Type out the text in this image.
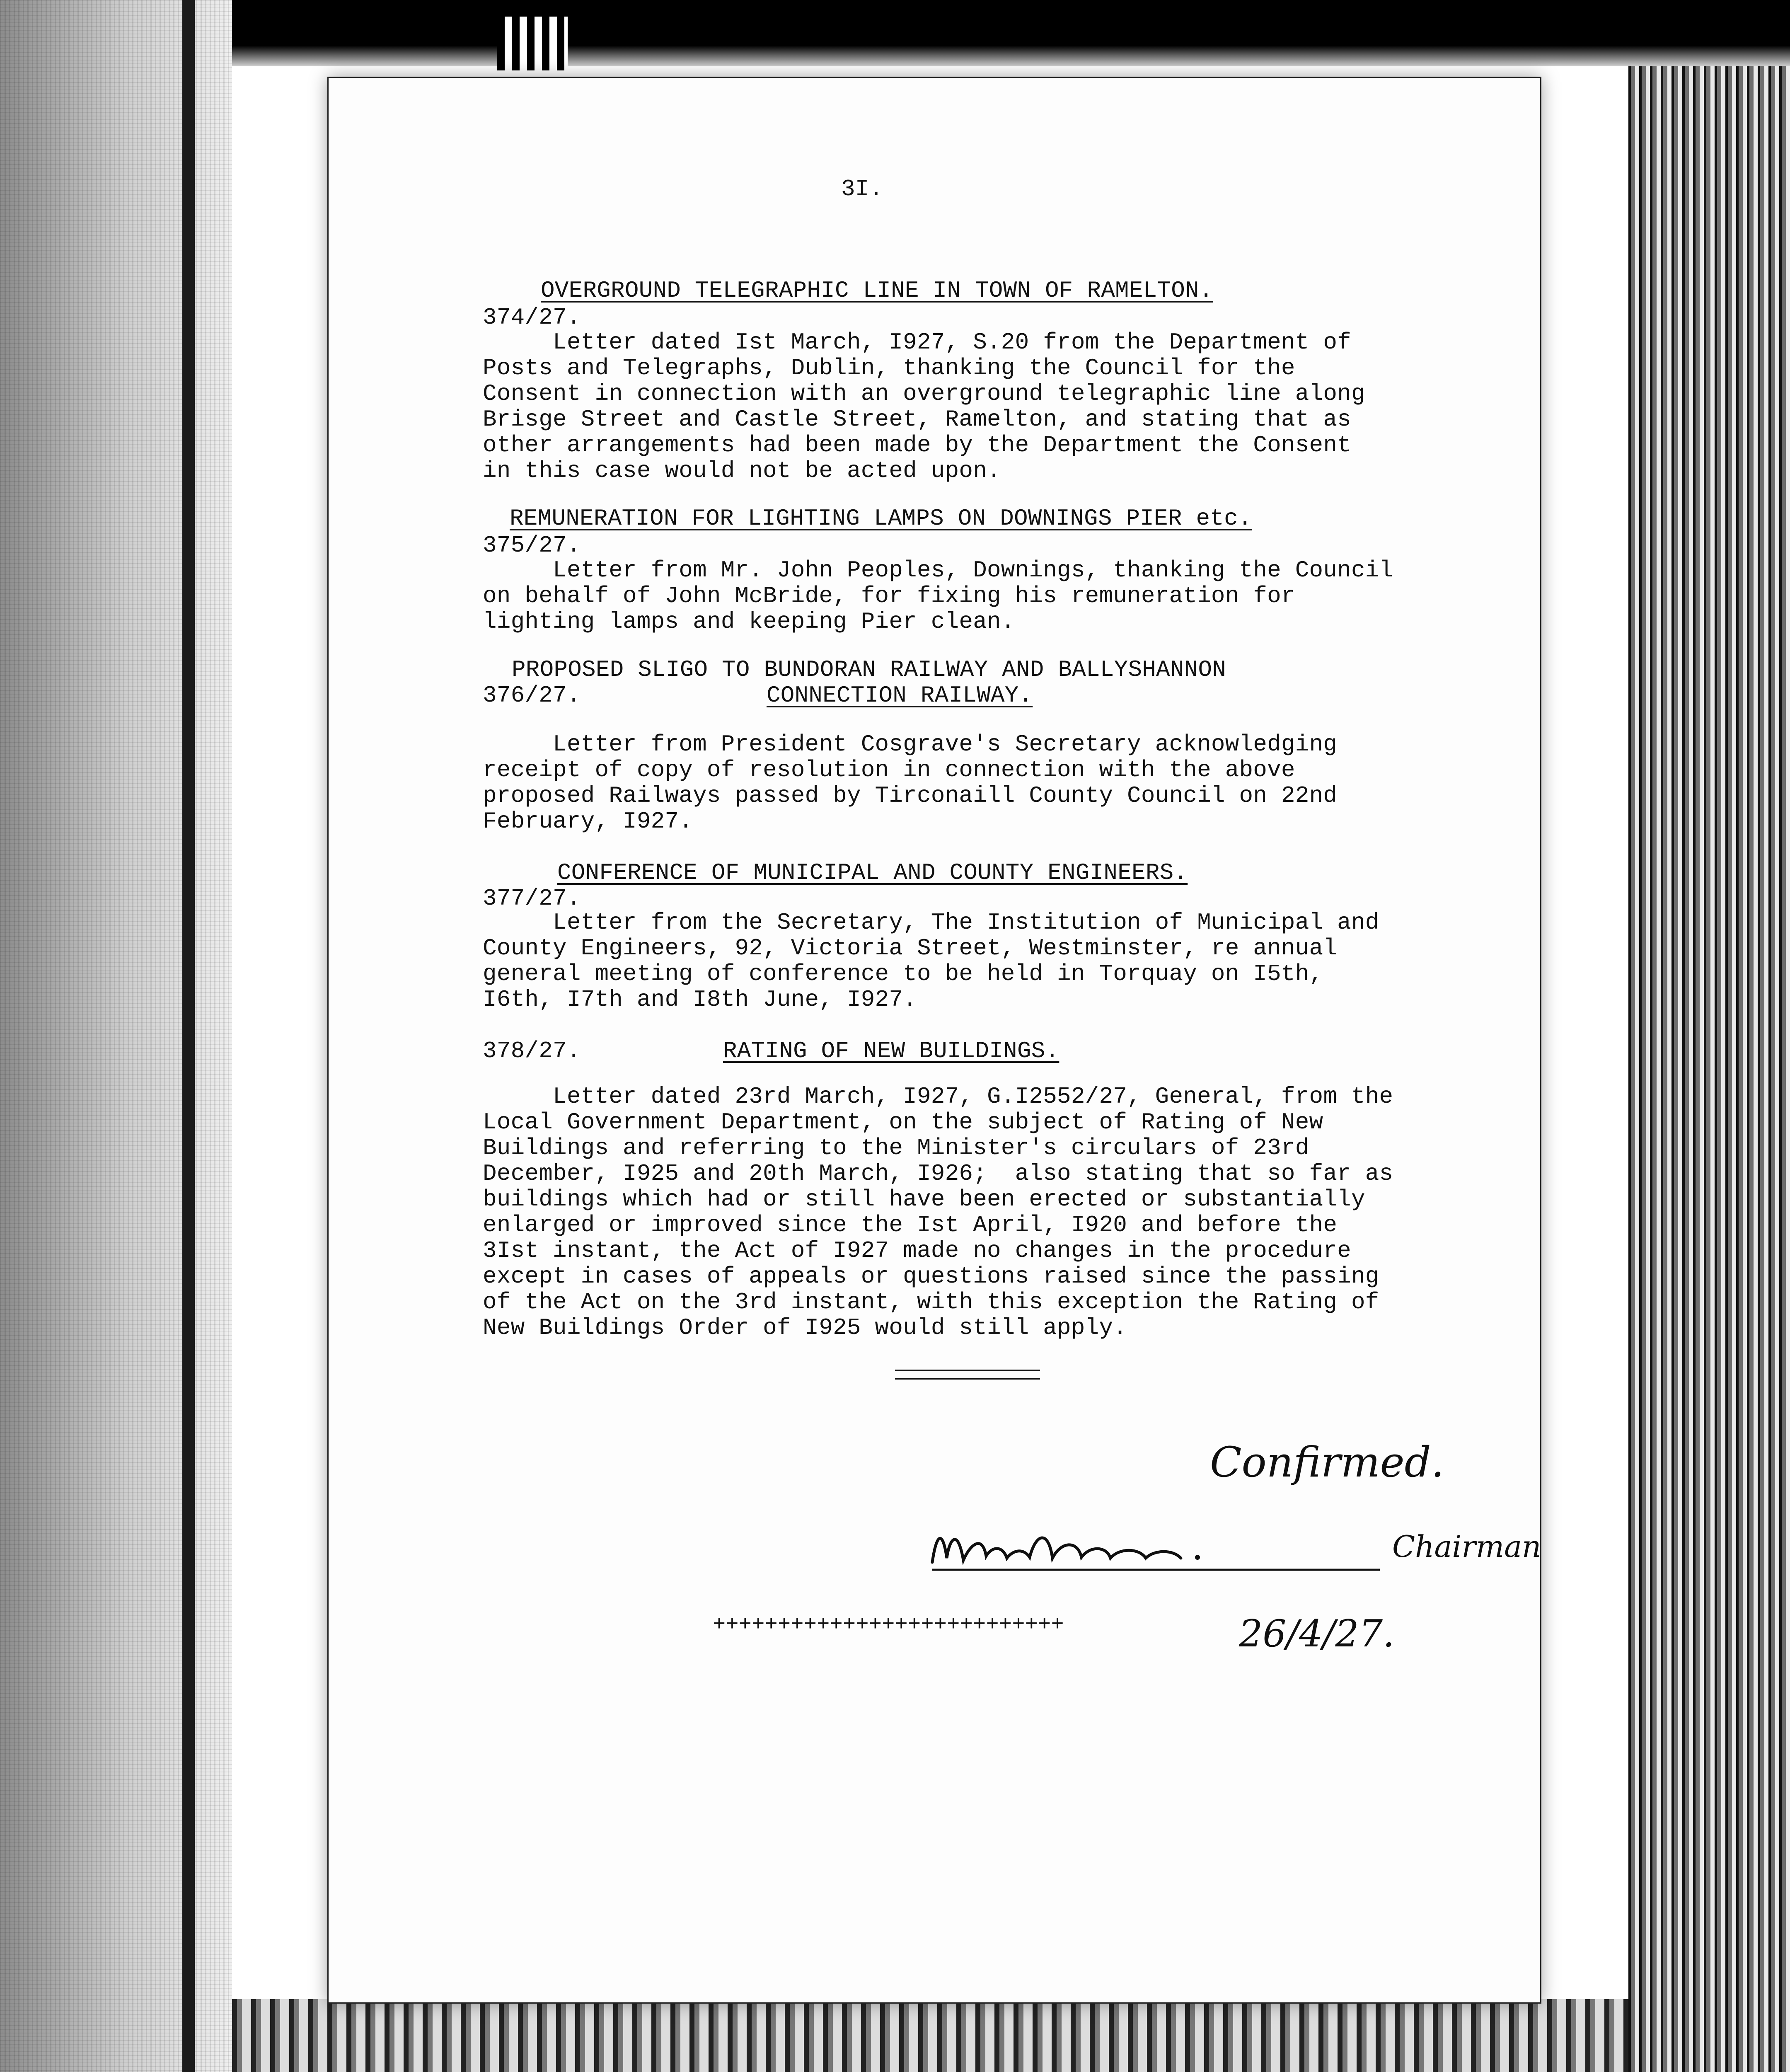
3I.
OVERGROUND TELEGRAPHIC LINE IN TOWN OF RAMELTON.
374/27.
Letter dated Ist March, I927, S.20 from the Department of
Posts and Telegraphs, Dublin, thanking the Council for the
Consent in connection with an overground telegraphic line along
Brisge Street and Castle Street, Ramelton, and stating that as
other arrangements had been made by the Department the Consent
in this case would not be acted upon.
REMUNERATION FOR LIGHTING LAMPS ON DOWNINGS PIER etc.
375/27.
Letter from Mr. John Peoples, Downings, thanking the Council
on behalf of John McBride, for fixing his remuneration for
lighting lamps and keeping Pier clean.
PROPOSED SLIGO TO BUNDORAN RAILWAY AND BALLYSHANNON
376/27.	CONNECTION RAILWAY.
Letter from President Cosgrave's Secretary acknowledging
receipt of copy of resolution in connection with the above
proposed Railways passed by Tirconaill County Council on 22nd
February, I927.
CONFERENCE OF MUNICIPAL AND COUNTY ENGINEERS.
377/27.
Letter from the Secretary, The Institution of Municipal and
County Engineers, 92, Victoria Street, Westminster, re annual
general meeting of conference to be held in Torquay on I5th,
I6th, I7th and I8th June, I927.
378/27.	RATING OF NEW BUILDINGS.
Letter dated 23rd March, I927, G.I2552/27, General, from the
Local Government Department, on the subject of Rating of New
Buildings and referring to the Minister's circulars of 23rd
December, I925 and 20th March, I926;  also stating that so far as
buildings which had or still have been erected or substantially
enlarged or improved since the Ist April, I920 and before the
3Ist instant, the Act of I927 made no changes in the procedure
except in cases of appeals or questions raised since the passing
of the Act on the 3rd instant, with this exception the Rating of
New Buildings Order of I925 would still apply.
Confirmed.
Chairman
+++++++++++++++++++++++++++	26/4/27.
